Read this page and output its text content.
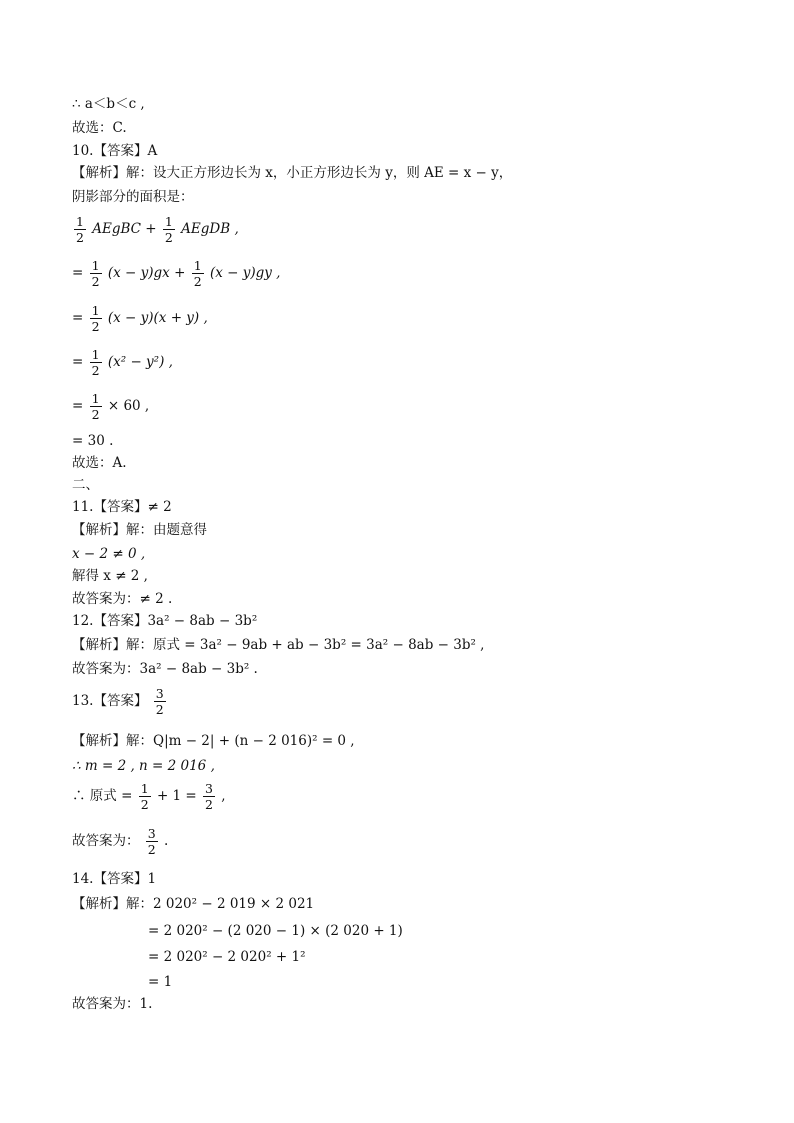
∴ a＜b＜c ,
故选：C.
10.【答案】A
【解析】解：设大正方形边长为 x，小正方形边长为 y，则 AE = x − y，
阴影部分的面积是：
$\frac{1}{2}$ AEgBC + $\frac{1}{2}$ AEgDB ,
= $\frac{1}{2} (x - y)gx + \frac{1}{2} (x - y)gy$ ,
= $\frac{1}{2} (x - y)(x + y)$ ,
= $\frac{1}{2} (x^2 - y^2)$ ,
= $\frac{1}{2} \times 60$ ,
= 30 .
故选：A.
二、
11.【答案】≠ 2
【解析】解：由题意得
x − 2 ≠ 0 ,
解得 x ≠ 2 ,
故答案为：≠ 2 .
12.【答案】3a² − 8ab − 3b²
【解析】解：原式 = 3a² − 9ab + ab − 3b² = 3a² − 8ab − 3b² ,
故答案为：3a² − 8ab − 3b² .
13.【答案】 $\frac{3}{2}$
【解析】解：Q|m − 2| + (n − 2 016)² = 0 ,
∴ m = 2 , n = 2 016 ,
∴ 原式 = $\frac{1}{2} + 1 = \frac{3}{2}$ ,
故答案为： $\frac{3}{2}$ .
14.【答案】1
【解析】解：2 020² − 2 019 × 2 021
= 2 020² − (2 020 − 1) × (2 020 + 1)
= 2 020² − 2 020² + 1²
= 1
故答案为：1.
